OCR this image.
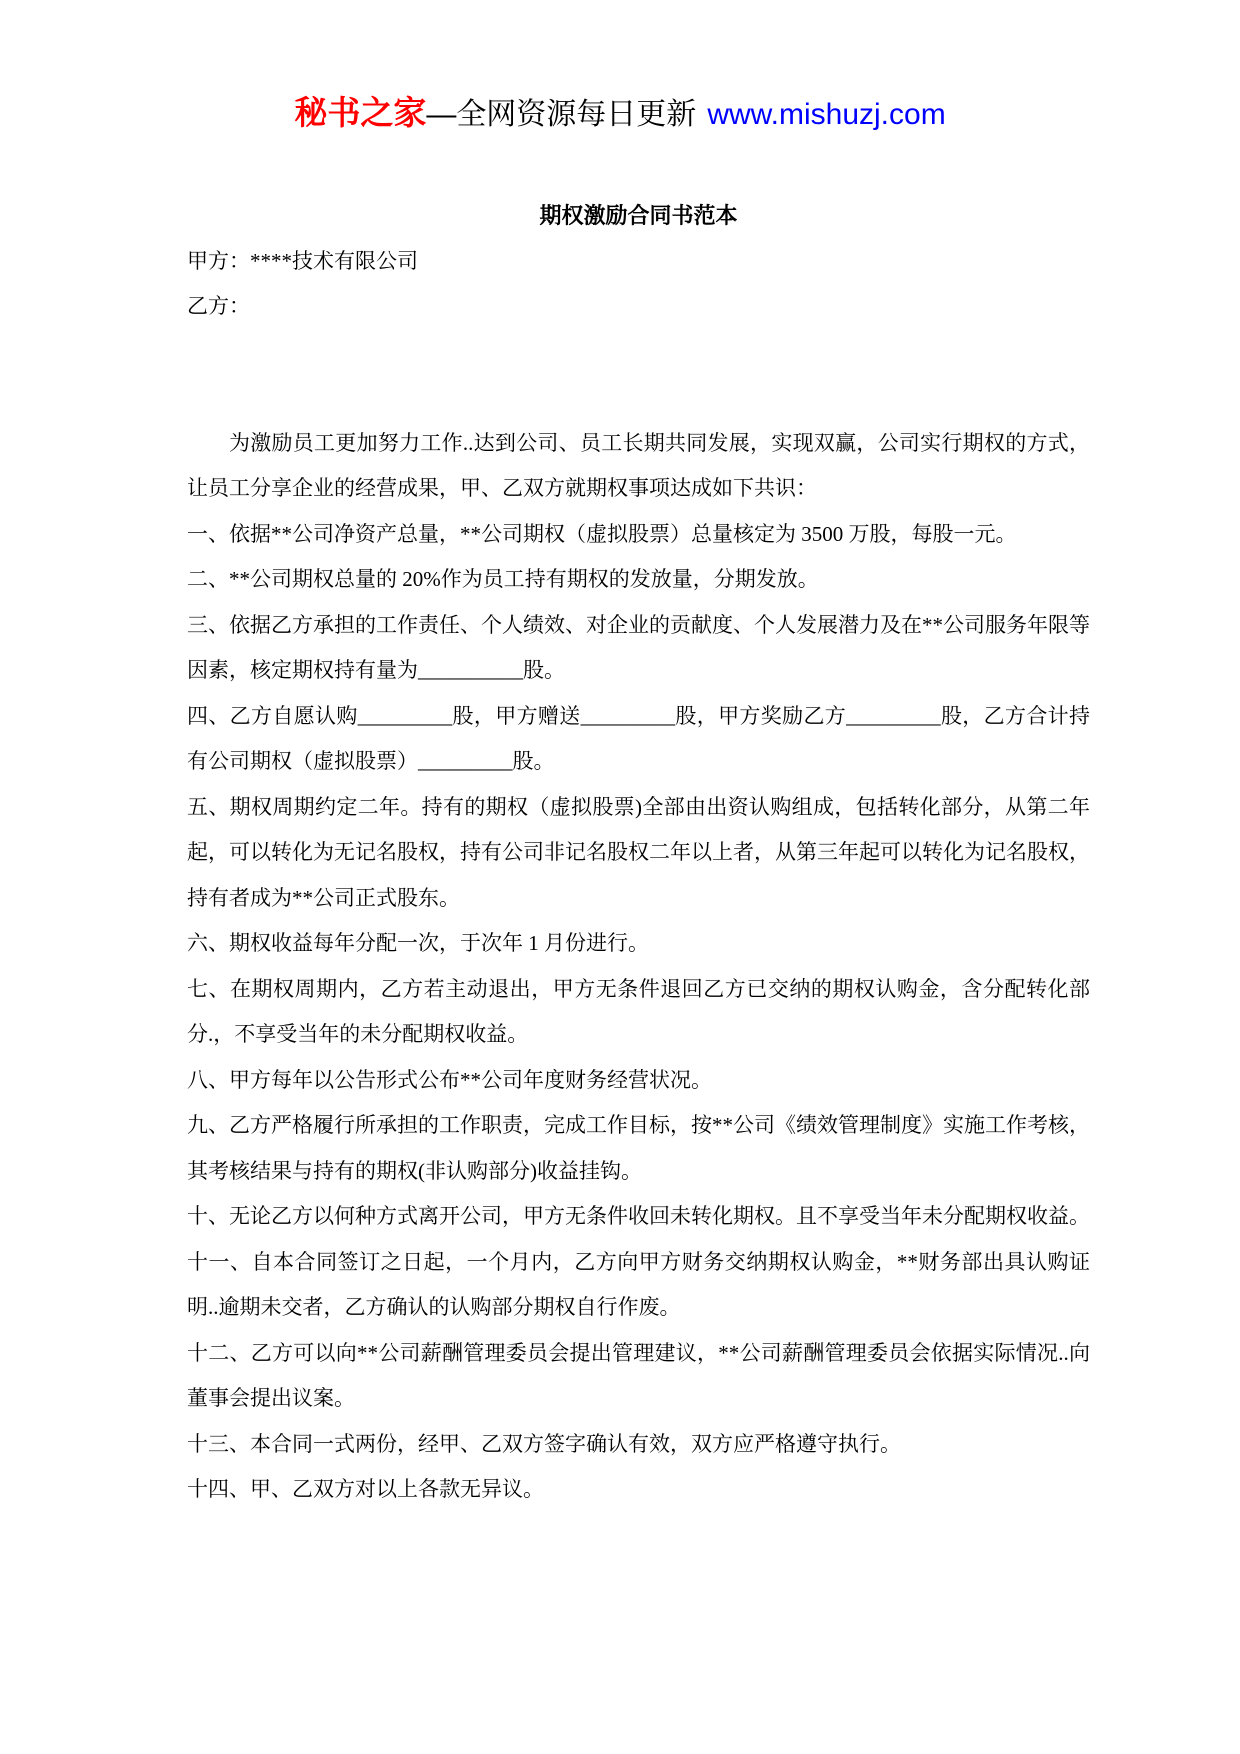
秘书之家—全网资源每日更新 www.mishuzj.com
期权激励合同书范本

甲方：****技术有限公司

乙方：

为激励员工更加努力工作..达到公司、员工长期共同发展，实现双赢，公司实行期权的方式，让员工分享企业的经营成果，甲、乙双方就期权事项达成如下共识：

一、依据**公司净资产总量，**公司期权（虚拟股票）总量核定为 3500 万股，每股一元。

二、**公司期权总量的 20%作为员工持有期权的发放量，分期发放。

三、依据乙方承担的工作责任、个人绩效、对企业的贡献度、个人发展潜力及在**公司服务年限等因素，核定期权持有量为__________股。

四、乙方自愿认购_________股，甲方赠送_________股，甲方奖励乙方_________股，乙方合计持有公司期权（虚拟股票）_________股。

五、期权周期约定二年。持有的期权（虚拟股票)全部由出资认购组成，包括转化部分，从第二年起，可以转化为无记名股权，持有公司非记名股权二年以上者，从第三年起可以转化为记名股权，持有者成为**公司正式股东。

六、期权收益每年分配一次，于次年 1 月份进行。

七、在期权周期内，乙方若主动退出，甲方无条件退回乙方已交纳的期权认购金，含分配转化部分.，不享受当年的未分配期权收益。

八、甲方每年以公告形式公布**公司年度财务经营状况。

九、乙方严格履行所承担的工作职责，完成工作目标，按**公司《绩效管理制度》实施工作考核，其考核结果与持有的期权(非认购部分)收益挂钩。

十、无论乙方以何种方式离开公司，甲方无条件收回未转化期权。且不享受当年未分配期权收益。

十一、自本合同签订之日起，一个月内，乙方向甲方财务交纳期权认购金，**财务部出具认购证明..逾期未交者，乙方确认的认购部分期权自行作废。

十二、乙方可以向**公司薪酬管理委员会提出管理建议，**公司薪酬管理委员会依据实际情况..向董事会提出议案。

十三、本合同一式两份，经甲、乙双方签字确认有效，双方应严格遵守执行。

十四、甲、乙双方对以上各款无异议。
